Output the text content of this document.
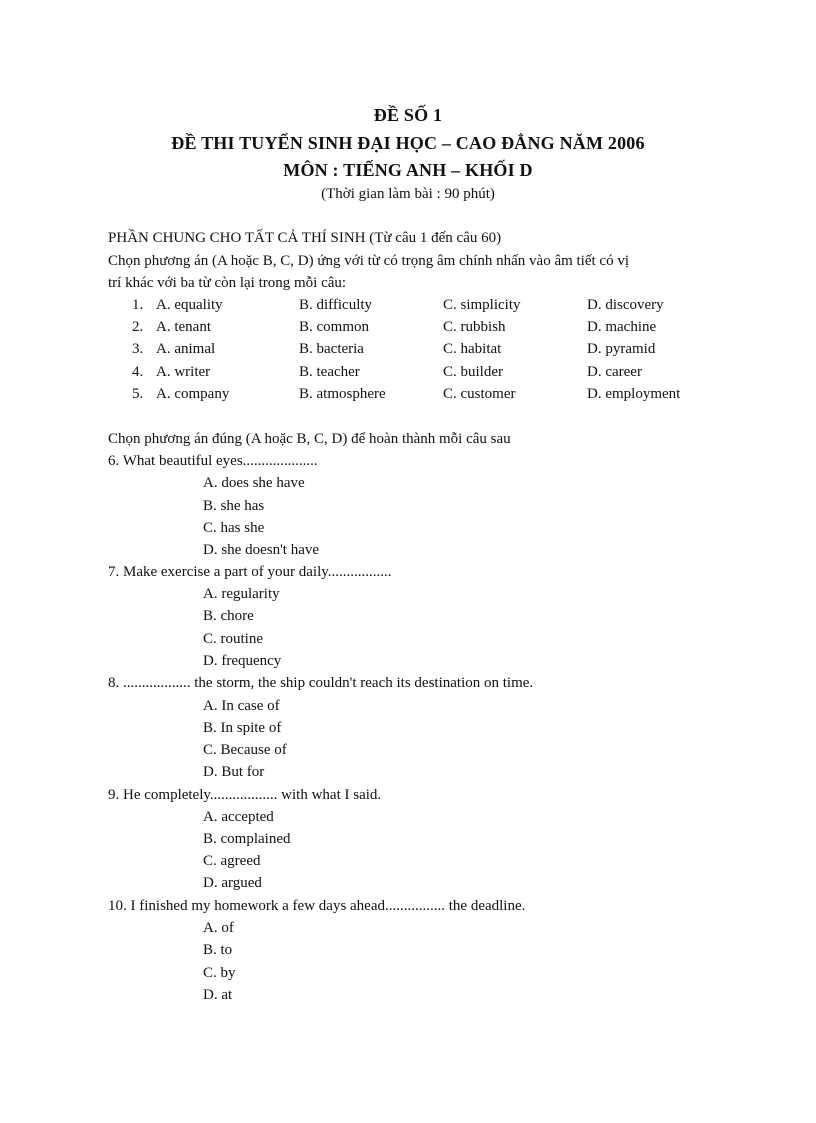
ĐỀ SỐ 1
ĐỀ THI TUYỂN SINH ĐẠI HỌC – CAO ĐẲNG NĂM 2006
MÔN : TIẾNG ANH – KHỐI D
(Thời gian làm bài : 90 phút)
PHẦN CHUNG CHO TẤT CẢ THÍ SINH (Từ câu 1 đến câu 60)
Chọn phương án (A hoặc B, C, D) ứng với từ có trọng âm chính nhấn vào âm tiết có vị
trí khác với ba từ còn lại trong mỗi câu:
1. A. equality	B. difficulty	C. simplicity	D. discovery
2. A. tenant	B. common	C. rubbish	D. machine
3. A. animal	B. bacteria	C. habitat	D. pyramid
4. A. writer	B. teacher	C. builder	D. career
5. A. company	B. atmosphere	C. customer	D. employment
Chọn phương án đúng (A hoặc B, C, D) để hoàn thành mỗi câu sau
6. What beautiful eyes....................
A. does she have
B. she has
C. has she
D. she doesn't have
7. Make exercise a part of your daily.................
A. regularity
B. chore
C. routine
D. frequency
8. .................. the storm, the ship couldn't reach its destination on time.
A. In case of
B. In spite of
C. Because of
D. But for
9. He completely.................. with what I said.
A. accepted
B. complained
C. agreed
D. argued
10. I finished my homework a few days ahead................ the deadline.
A. of
B. to
C. by
D. at
